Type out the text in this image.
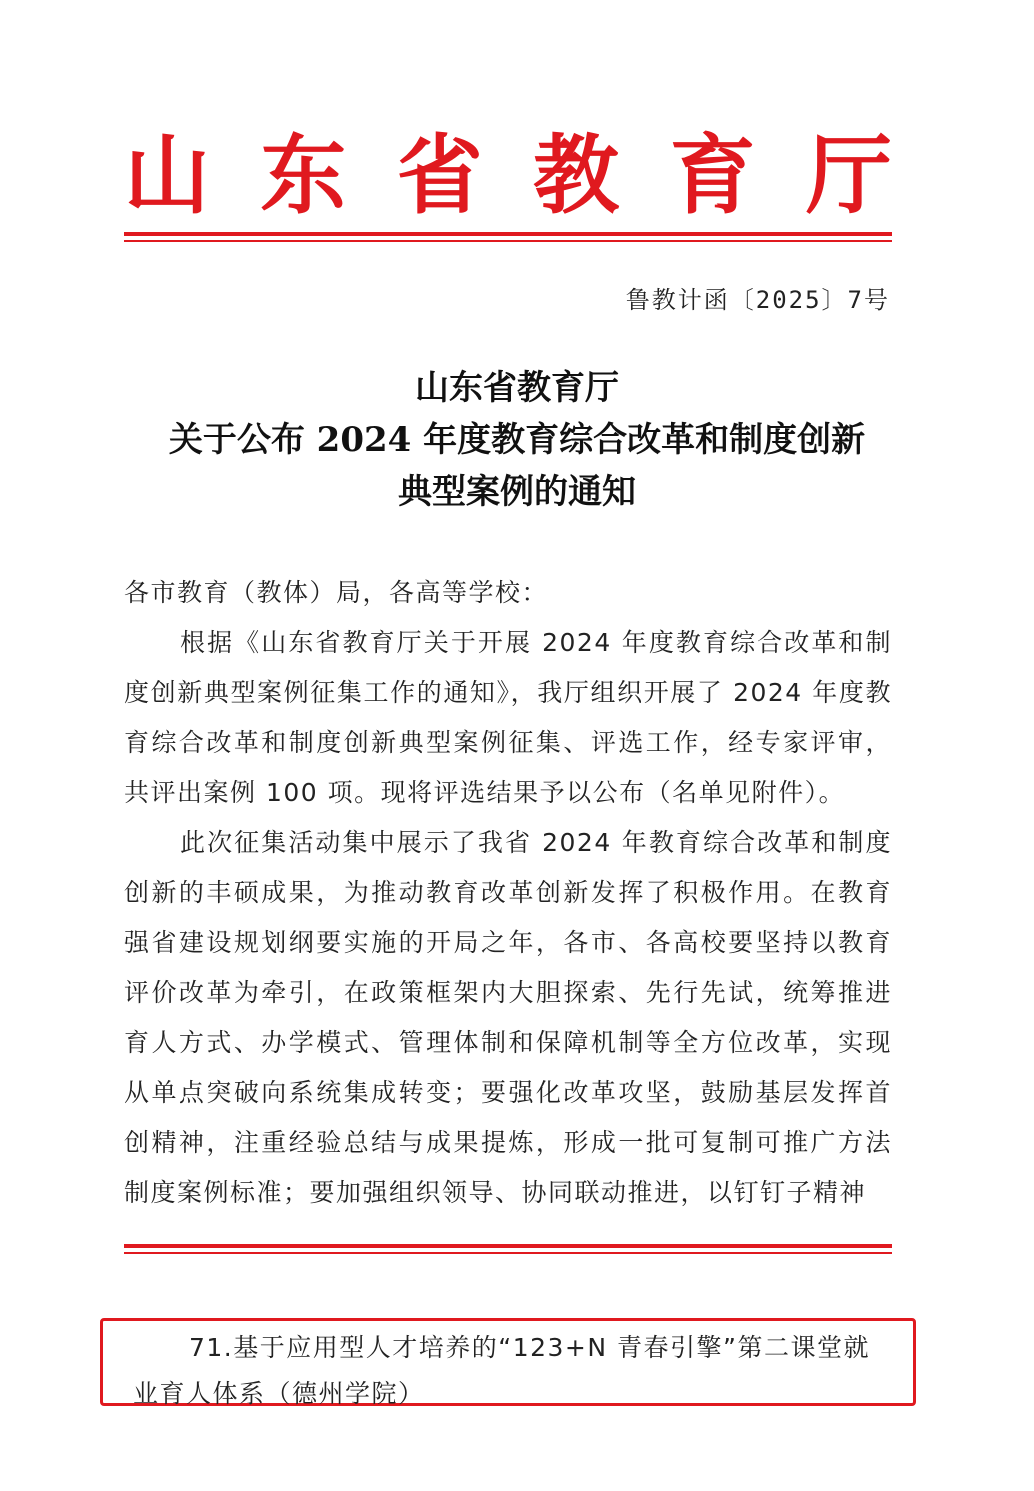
山 东 省 教 育 厅
鲁教计函〔2025〕7号
山东省教育厅
关于公布 2024 年度教育综合改革和制度创新
典型案例的通知

各市教育（教体）局，各高等学校：

根据《山东省教育厅关于开展 2024 年度教育综合改革和制度创新典型案例征集工作的通知》，我厅组织开展了 2024 年度教育综合改革和制度创新典型案例征集、评选工作，经专家评审，共评出案例 100 项。现将评选结果予以公布（名单见附件）。

此次征集活动集中展示了我省 2024 年教育综合改革和制度创新的丰硕成果，为推动教育改革创新发挥了积极作用。在教育强省建设规划纲要实施的开局之年，各市、各高校要坚持以教育评价改革为牵引，在政策框架内大胆探索、先行先试，统筹推进育人方式、办学模式、管理体制和保障机制等全方位改革，实现从单点突破向系统集成转变；要强化改革攻坚，鼓励基层发挥首创精神，注重经验总结与成果提炼，形成一批可复制可推广方法制度案例标准；要加强组织领导、协同联动推进，以钉钉子精神

71.基于应用型人才培养的“123+N 青春引擎”第二课堂就业育人体系（德州学院）
